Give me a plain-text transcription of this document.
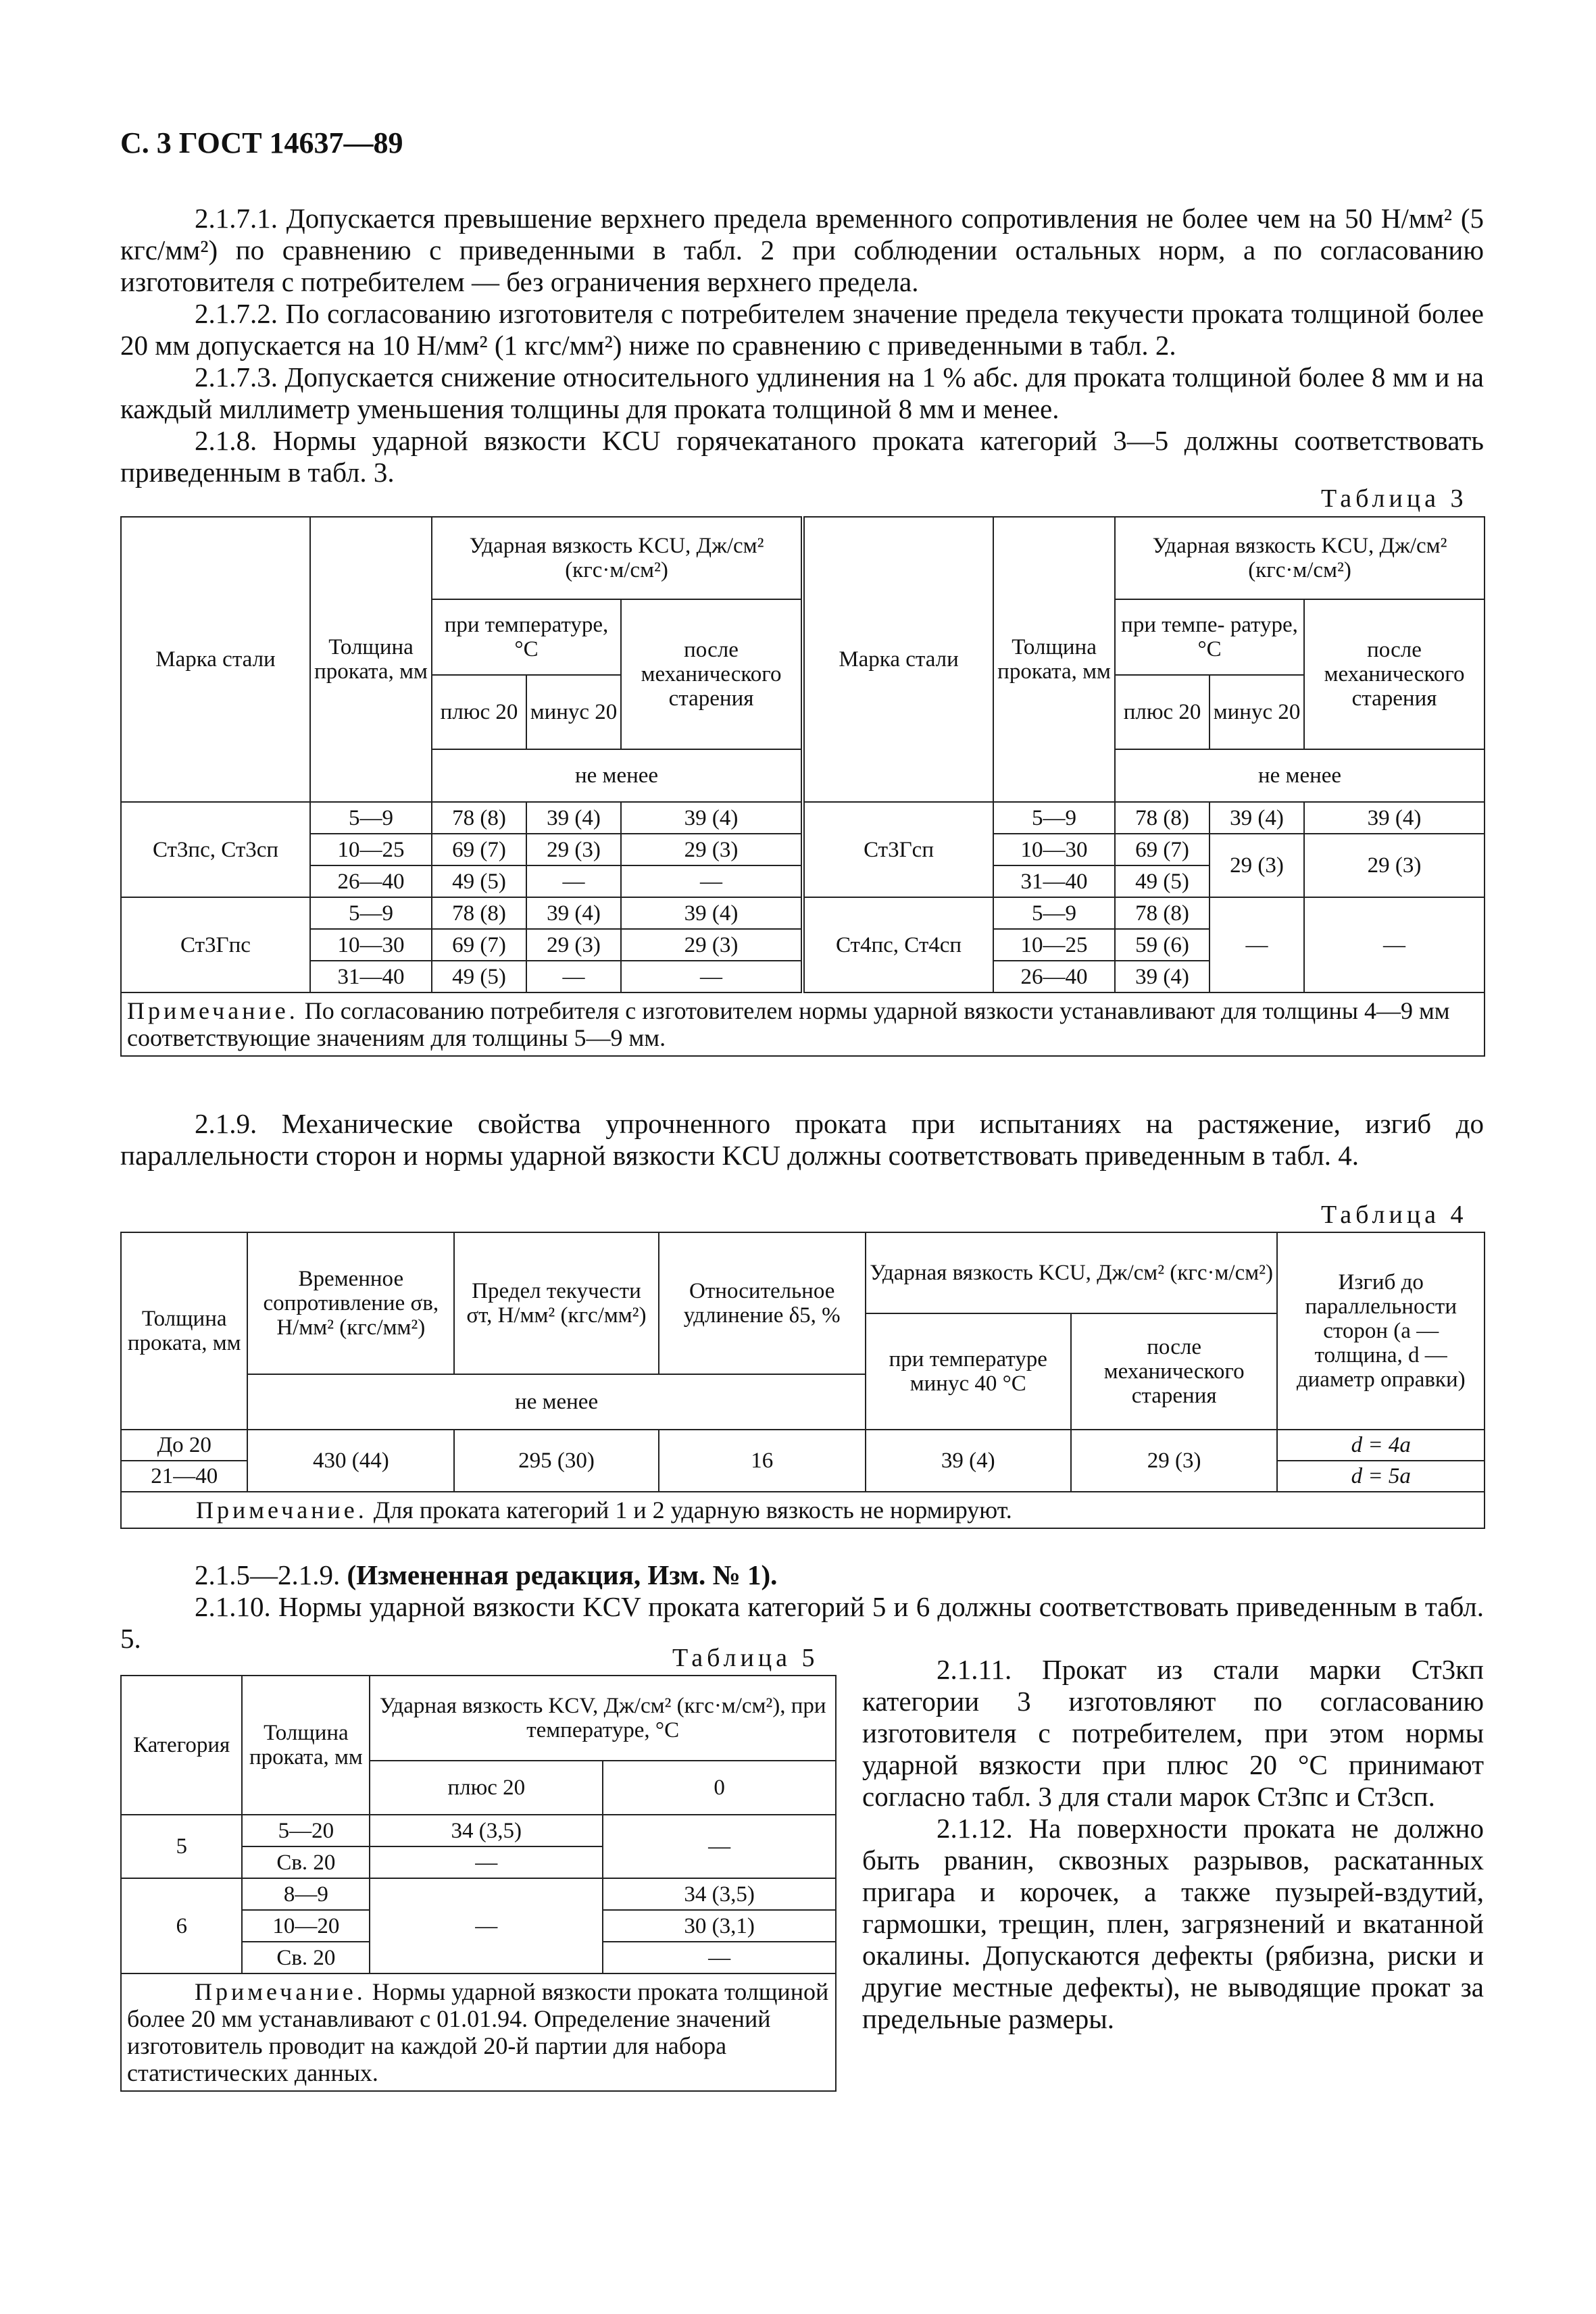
С. 3 ГОСТ 14637—89

2.1.7.1. Допускается превышение верхнего предела временного сопротивления не более чем на 50 Н/мм² (5 кгс/мм²) по сравнению с приведенными в табл. 2 при соблюдении остальных норм, а по согласованию изготовителя с потребителем — без ограничения верхнего предела.

2.1.7.2. По согласованию изготовителя с потребителем значение предела текучести проката толщиной более 20 мм допускается на 10 Н/мм² (1 кгс/мм²) ниже по сравнению с приведенными в табл. 2.

2.1.7.3. Допускается снижение относительного удлинения на 1 % абс. для проката толщиной более 8 мм и на каждый миллиметр уменьшения толщины для проката толщиной 8 мм и менее.

2.1.8. Нормы ударной вязкости KCU горячекатаного проката категорий 3—5 должны соответствовать приведенным в табл. 3.

Таблица 3
Марка стали	Толщина проката, мм	Ударная вязкость KCU, Дж/см² (кгс·м/см²)			Марка стали	Толщина проката, мм	Ударная вязкость KCU, Дж/см² (кгс·м/см²)		
		при температуре, °С		после механического старения			при темпе- ратуре, °С		после механического старения
		плюс 20	минус 20				плюс 20	минус 20	
		не менее					не менее		
Ст3пс, Ст3сп	5—9	78 (8)	39 (4)	39 (4)	Ст3Гсп	5—9	78 (8)	39 (4)	39 (4)
	10—25	69 (7)	29 (3)	29 (3)		10—30	69 (7)	29 (3)	29 (3)
	26—40	49 (5)	—	—		31—40	49 (5)		
Ст3Гпс	5—9	78 (8)	39 (4)	39 (4)	Ст4пс, Ст4сп	5—9	78 (8)	—	—
	10—30	69 (7)	29 (3)	29 (3)		10—25	59 (6)		
	31—40	49 (5)	—	—		26—40	39 (4)		
Примечание. По согласованию потребителя с изготовителем нормы ударной вязкости устанавливают для толщины 4—9 мм соответствующие значениям для толщины 5—9 мм.									

2.1.9. Механические свойства упрочненного проката при испытаниях на растяжение, изгиб до параллельности сторон и нормы ударной вязкости KCU должны соответствовать приведенным в табл. 4.

Таблица 4
Толщина проката, мм	Временное сопротивление σв, Н/мм² (кгс/мм²)	Предел текучести σт, Н/мм² (кгс/мм²)	Относительное удлинение δ5, %	Ударная вязкость KCU, Дж/см² (кгс·м/см²)		Изгиб до параллельности сторон (a — толщина, d — диаметр оправки)
				при температуре минус 40 °С	после механического старения	
	не менее					
До 20	430 (44)	295 (30)	16	39 (4)	29 (3)	d = 4a
21—40						d = 5a
Примечание. Для проката категорий 1 и 2 ударную вязкость не нормируют.						

2.1.5—2.1.9. (Измененная редакция, Изм. № 1).

2.1.10. Нормы ударной вязкости KCV проката категорий 5 и 6 должны соответствовать приведенным в табл. 5.

Таблица 5
Категория	Толщина проката, мм	Ударная вязкость KCV, Дж/см² (кгс·м/см²), при температуре, °С	
		плюс 20	0
5	5—20	34 (3,5)	—
	Св. 20	—	
6	8—9	—	34 (3,5)
	10—20		30 (3,1)
	Св. 20		—
Примечание. Нормы ударной вязкости проката толщиной более 20 мм устанавливают с 01.01.94. Определение значений изготовитель проводит на каждой 20-й партии для набора статистических данных.			

2.1.11. Прокат из стали марки Ст3кп категории 3 изготовляют по согласованию изготовителя с потребителем, при этом нормы ударной вязкости при плюс 20 °С принимают согласно табл. 3 для стали марок Ст3пс и Ст3сп.

2.1.12. На поверхности проката не должно быть рванин, сквозных разрывов, раскатанных пригара и корочек, а также пузырей-вздутий, гармошки, трещин, плен, загрязнений и вкатанной окалины. Допускаются дефекты (рябизна, риски и другие местные дефекты), не выводящие прокат за предельные размеры.
